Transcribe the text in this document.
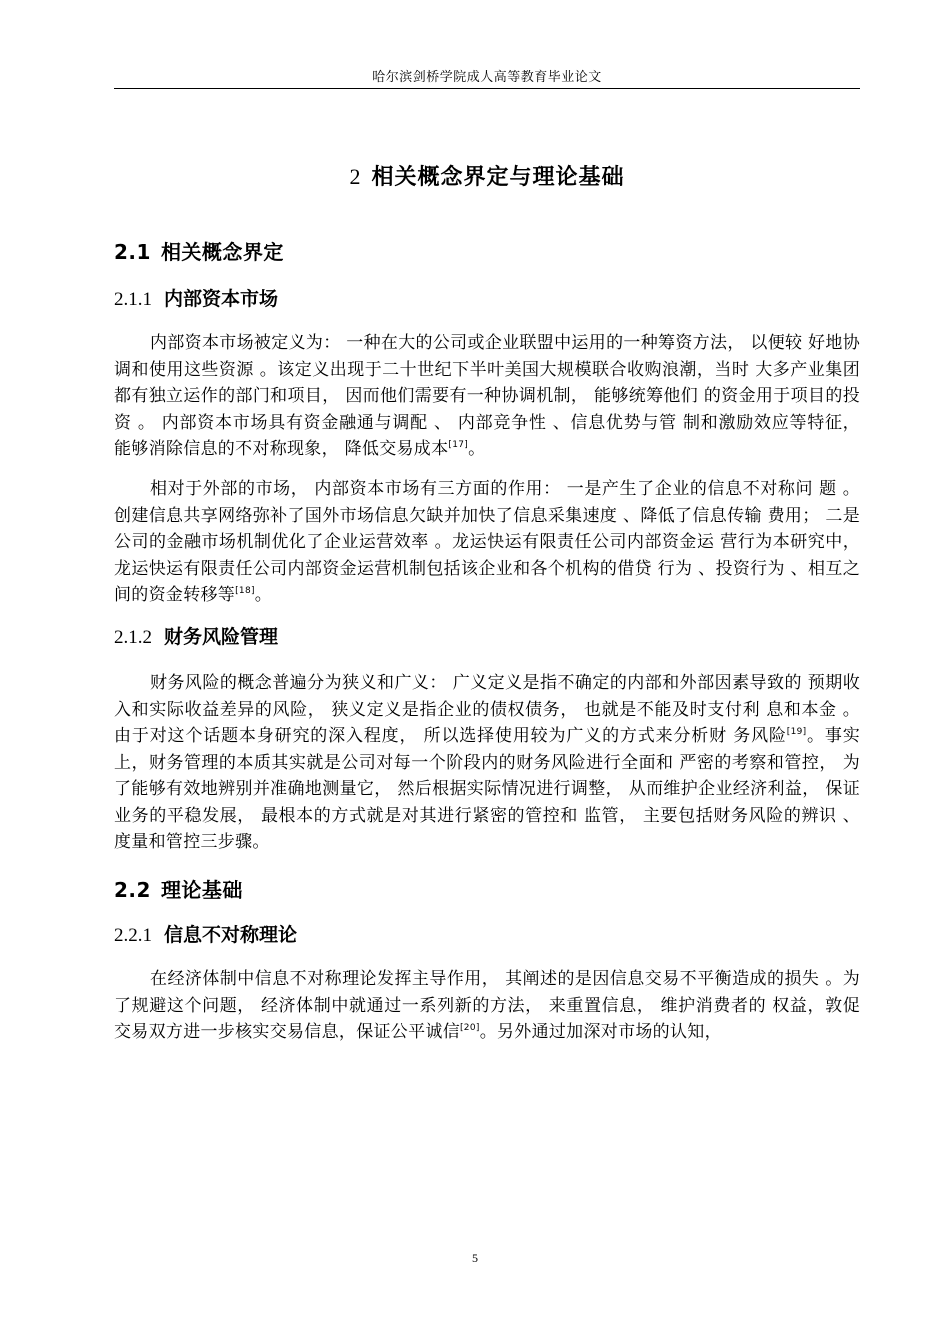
哈尔滨剑桥学院成人高等教育毕业论文
2 相关概念界定与理论基础
2.1 相关概念界定
2.1.1 内部资本市场
内部资本市场被定义为： 一种在大的公司或企业联盟中运用的一种筹资方法， 以便较 好地协调和使用这些资源 。该定义出现于二十世纪下半叶美国大规模联合收购浪潮，当时 大多产业集团都有独立运作的部门和项目， 因而他们需要有一种协调机制， 能够统筹他们 的资金用于项目的投资 。 内部资本市场具有资金融通与调配 、 内部竞争性 、信息优势与管 制和激励效应等特征， 能够消除信息的不对称现象， 降低交易成本[17]。
相对于外部的市场， 内部资本市场有三方面的作用： 一是产生了企业的信息不对称问 题 。创建信息共享网络弥补了国外市场信息欠缺并加快了信息采集速度 、降低了信息传输 费用； 二是公司的金融市场机制优化了企业运营效率 。龙运快运有限责任公司内部资金运 营行为本研究中， 龙运快运有限责任公司内部资金运营机制包括该企业和各个机构的借贷 行为 、投资行为 、相互之间的资金转移等[18]。
2.1.2 财务风险管理
财务风险的概念普遍分为狭义和广义： 广义定义是指不确定的内部和外部因素导致的 预期收入和实际收益差异的风险， 狭义定义是指企业的债权债务， 也就是不能及时支付利 息和本金 。 由于对这个话题本身研究的深入程度， 所以选择使用较为广义的方式来分析财 务风险[19]。事实上，财务管理的本质其实就是公司对每一个阶段内的财务风险进行全面和 严密的考察和管控， 为了能够有效地辨别并准确地测量它， 然后根据实际情况进行调整， 从而维护企业经济利益， 保证业务的平稳发展， 最根本的方式就是对其进行紧密的管控和 监管， 主要包括财务风险的辨识 、度量和管控三步骤。
2.2 理论基础
2.2.1 信息不对称理论
在经济体制中信息不对称理论发挥主导作用， 其阐述的是因信息交易不平衡造成的损失 。为了规避这个问题， 经济体制中就通过一系列新的方法， 来重置信息， 维护消费者的 权益，敦促交易双方进一步核实交易信息，保证公平诚信[20]。另外通过加深对市场的认知，
5
